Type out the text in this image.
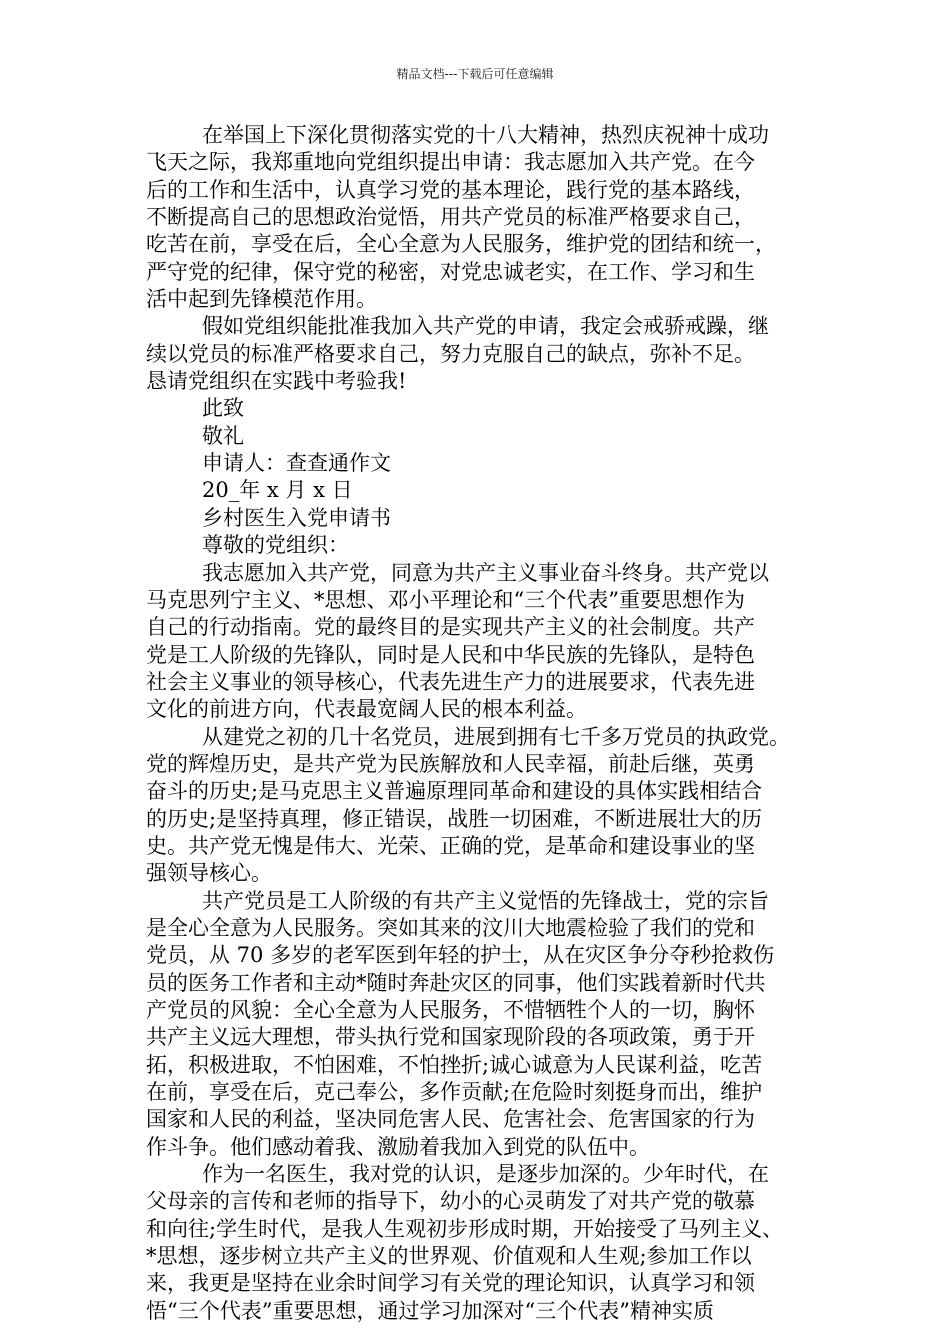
精品文档---下载后可任意编辑
在举国上下深化贯彻落实党的十八大精神，热烈庆祝神十成功
飞天之际，我郑重地向党组织提出申请：我志愿加入共产党。在今
后的工作和生活中，认真学习党的基本理论，践行党的基本路线，
不断提高自己的思想政治觉悟，用共产党员的标准严格要求自己，
吃苦在前，享受在后，全心全意为人民服务，维护党的团结和统一，
严守党的纪律，保守党的秘密，对党忠诚老实，在工作、学习和生
活中起到先锋模范作用。
假如党组织能批准我加入共产党的申请，我定会戒骄戒躁，继
续以党员的标准严格要求自己，努力克服自己的缺点，弥补不足。
恳请党组织在实践中考验我!
此致
敬礼
申请人：查查通作文
20_年 x 月 x 日
乡村医生入党申请书
尊敬的党组织：
我志愿加入共产党，同意为共产主义事业奋斗终身。共产党以
马克思列宁主义、*思想、邓小平理论和“三个代表”重要思想作为
自己的行动指南。党的最终目的是实现共产主义的社会制度。共产
党是工人阶级的先锋队，同时是人民和中华民族的先锋队，是特色
社会主义事业的领导核心，代表先进生产力的进展要求，代表先进
文化的前进方向，代表最宽阔人民的根本利益。
从建党之初的几十名党员，进展到拥有七千多万党员的执政党。
党的辉煌历史，是共产党为民族解放和人民幸福，前赴后继，英勇
奋斗的历史;是马克思主义普遍原理同革命和建设的具体实践相结合
的历史;是坚持真理，修正错误，战胜一切困难，不断进展壮大的历
史。共产党无愧是伟大、光荣、正确的党，是革命和建设事业的坚
强领导核心。
共产党员是工人阶级的有共产主义觉悟的先锋战士，党的宗旨
是全心全意为人民服务。突如其来的汶川大地震检验了我们的党和
党员，从 70 多岁的老军医到年轻的护士，从在灾区争分夺秒抢救伤
员的医务工作者和主动*随时奔赴灾区的同事，他们实践着新时代共
产党员的风貌：全心全意为人民服务，不惜牺牲个人的一切，胸怀
共产主义远大理想，带头执行党和国家现阶段的各项政策，勇于开
拓，积极进取，不怕困难，不怕挫折;诚心诚意为人民谋利益，吃苦
在前，享受在后，克己奉公，多作贡献;在危险时刻挺身而出，维护
国家和人民的利益，坚决同危害人民、危害社会、危害国家的行为
作斗争。他们感动着我、激励着我加入到党的队伍中。
作为一名医生，我对党的认识，是逐步加深的。少年时代，在
父母亲的言传和老师的指导下，幼小的心灵萌发了对共产党的敬慕
和向往;学生时代，是我人生观初步形成时期，开始接受了马列主义、
*思想，逐步树立共产主义的世界观、价值观和人生观;参加工作以
来，我更是坚持在业余时间学习有关党的理论知识，认真学习和领
悟“三个代表”重要思想，通过学习加深对“三个代表”精神实质
